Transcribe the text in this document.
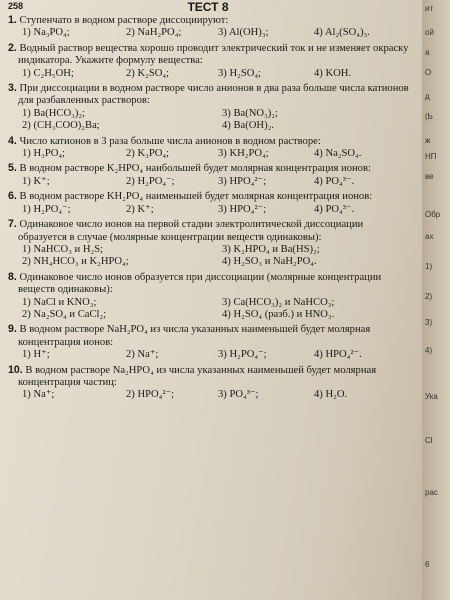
258	ТЕСТ 8
1. Ступенчато в водном растворе диссоциируют:
1) Na₃PO₄;	2) NaH₂PO₄;	3) Al(OH)₃;	4) Al₂(SO₄)₃.
2. Водный раствор вещества хорошо проводит электрический ток и не изменяет окраску индикатора. Укажите формулу вещества:
1) C₂H₅OH;	2) K₂SO₄;	3) H₂SO₄;	4) KOH.
3. При диссоциации в водном растворе число анионов в два раза больше числа катионов для разбавленных растворов:
1) Ba(HCO₃)₂;	3) Ba(NO₃)₂;
2) (CH₃COO)₂Ba;	4) Ba(OH)₂.
4. Число катионов в 3 раза больше числа анионов в водном растворе:
1) H₃PO₄;	2) K₃PO₄;	3) KH₂PO₄;	4) Na₂SO₄.
5. В водном растворе K₂HPO₄ наибольшей будет молярная концентрация ионов:
1) K⁺;	2) H₂PO₄⁻;	3) HPO₄²⁻;	4) PO₄³⁻.
6. В водном растворе KH₂PO₄ наименьшей будет молярная концентрация ионов:
1) H₂PO₄⁻;	2) K⁺;	3) HPO₄²⁻;	4) PO₄³⁻.
7. Одинаковое число ионов на первой стадии электролитической диссоциации образуется в случае (молярные концентрации веществ одинаковы):
1) NaHCO₃ и H₂S;	3) K₂HPO₄ и Ba(HS)₂;
2) NH₄HCO₃ и K₂HPO₄;	4) H₂SO₃ и NaH₂PO₄.
8. Одинаковое число ионов образуется при диссоциации (молярные концентрации веществ одинаковы):
1) NaCl и KNO₃;	3) Ca(HCO₃)₂ и NaHCO₃;
2) Na₂SO₄ и CaCl₂;	4) H₂SO₄ (разб.) и HNO₃.
9. В водном растворе NaH₂PO₄ из числа указанных наименьшей будет молярная концентрация ионов:
1) H⁺;	2) Na⁺;	3) H₂PO₄⁻;	4) HPO₄²⁻.
10. В водном растворе Na₂HPO₄ из числа указанных наименьшей будет молярная концентрация частиц:
1) Na⁺;	2) HPO₄²⁻;	3) PO₄³⁻;	4) H₂O.
ит
ой
а
O
д
(Ь
ж
НП
ве
Обр
ах
1)
2)
3)
4)
Ука
Cl
рас
6
